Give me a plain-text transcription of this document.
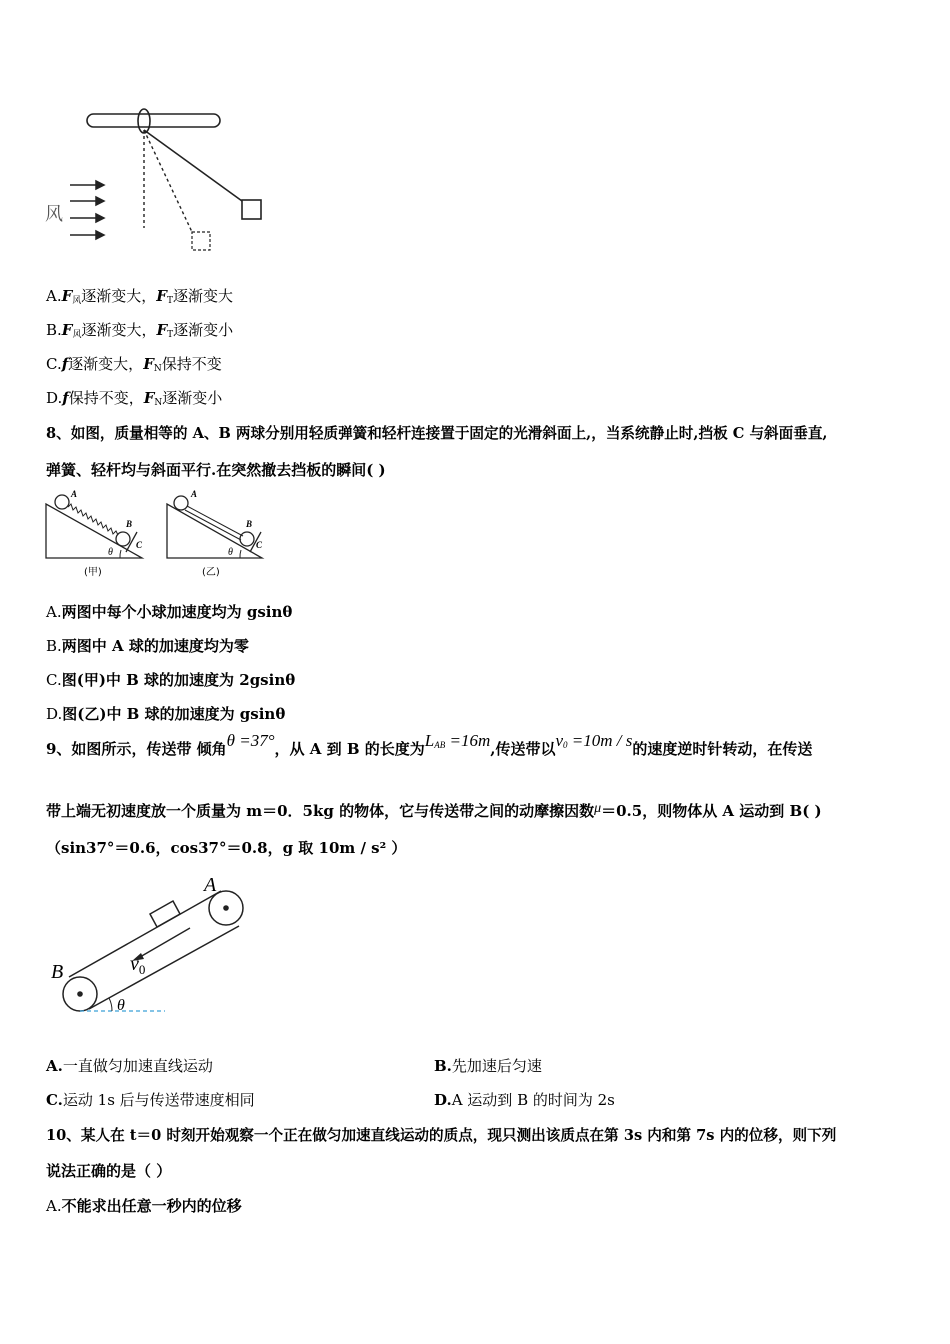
风
$A.F_风$逐渐变大，$F_T$逐渐变大
$B.F_风$逐渐变大，$F_T$逐渐变小
C.f逐渐变大，$F_N$保持不变
D.f保持不变，$F_N$逐渐变小
8、如图，质量相等的 A、B 两球分别用轻质弹簧和轻杆连接置于固定的光滑斜面上,，当系统静止时,挡板 C 与斜面垂直,
弹簧、轻杆均与斜面平行.在突然撤去挡板的瞬间( )
A
B
C
θ
(甲)
A
B
C
θ
(乙)
A.两图中每个小球加速度均为 gsinθ
B.两图中 A 球的加速度均为零
C.图(甲)中 B 球的加速度为 2gsinθ
D.图(乙)中 B 球的加速度为 gsinθ
9、如图所示，传送带 倾角θ =37°，从 A 到 B 的长度为$L_{AB} =16m$,传送带以$v_0 =10m / s$的速度逆时针转动，在传送
带上端无初速度放一个质量为 m＝0．5kg 的物体，它与传送带之间的动摩擦因数μ＝0.5，则物体从 A 运动到 B( )
（sin37°＝0.6，cos37°＝0.8，g 取 10m / s² ）
A
B	$v_0$
θ
A.一直做匀加速直线运动	B.先加速后匀速
C.运动 1s 后与传送带速度相同	D.A 运动到 B 的时间为 2s
10、某人在 t＝0 时刻开始观察一个正在做匀加速直线运动的质点，现只测出该质点在第 3s 内和第 7s 内的位移，则下列
说法正确的是（ ）
A.不能求出任意一秒内的位移
